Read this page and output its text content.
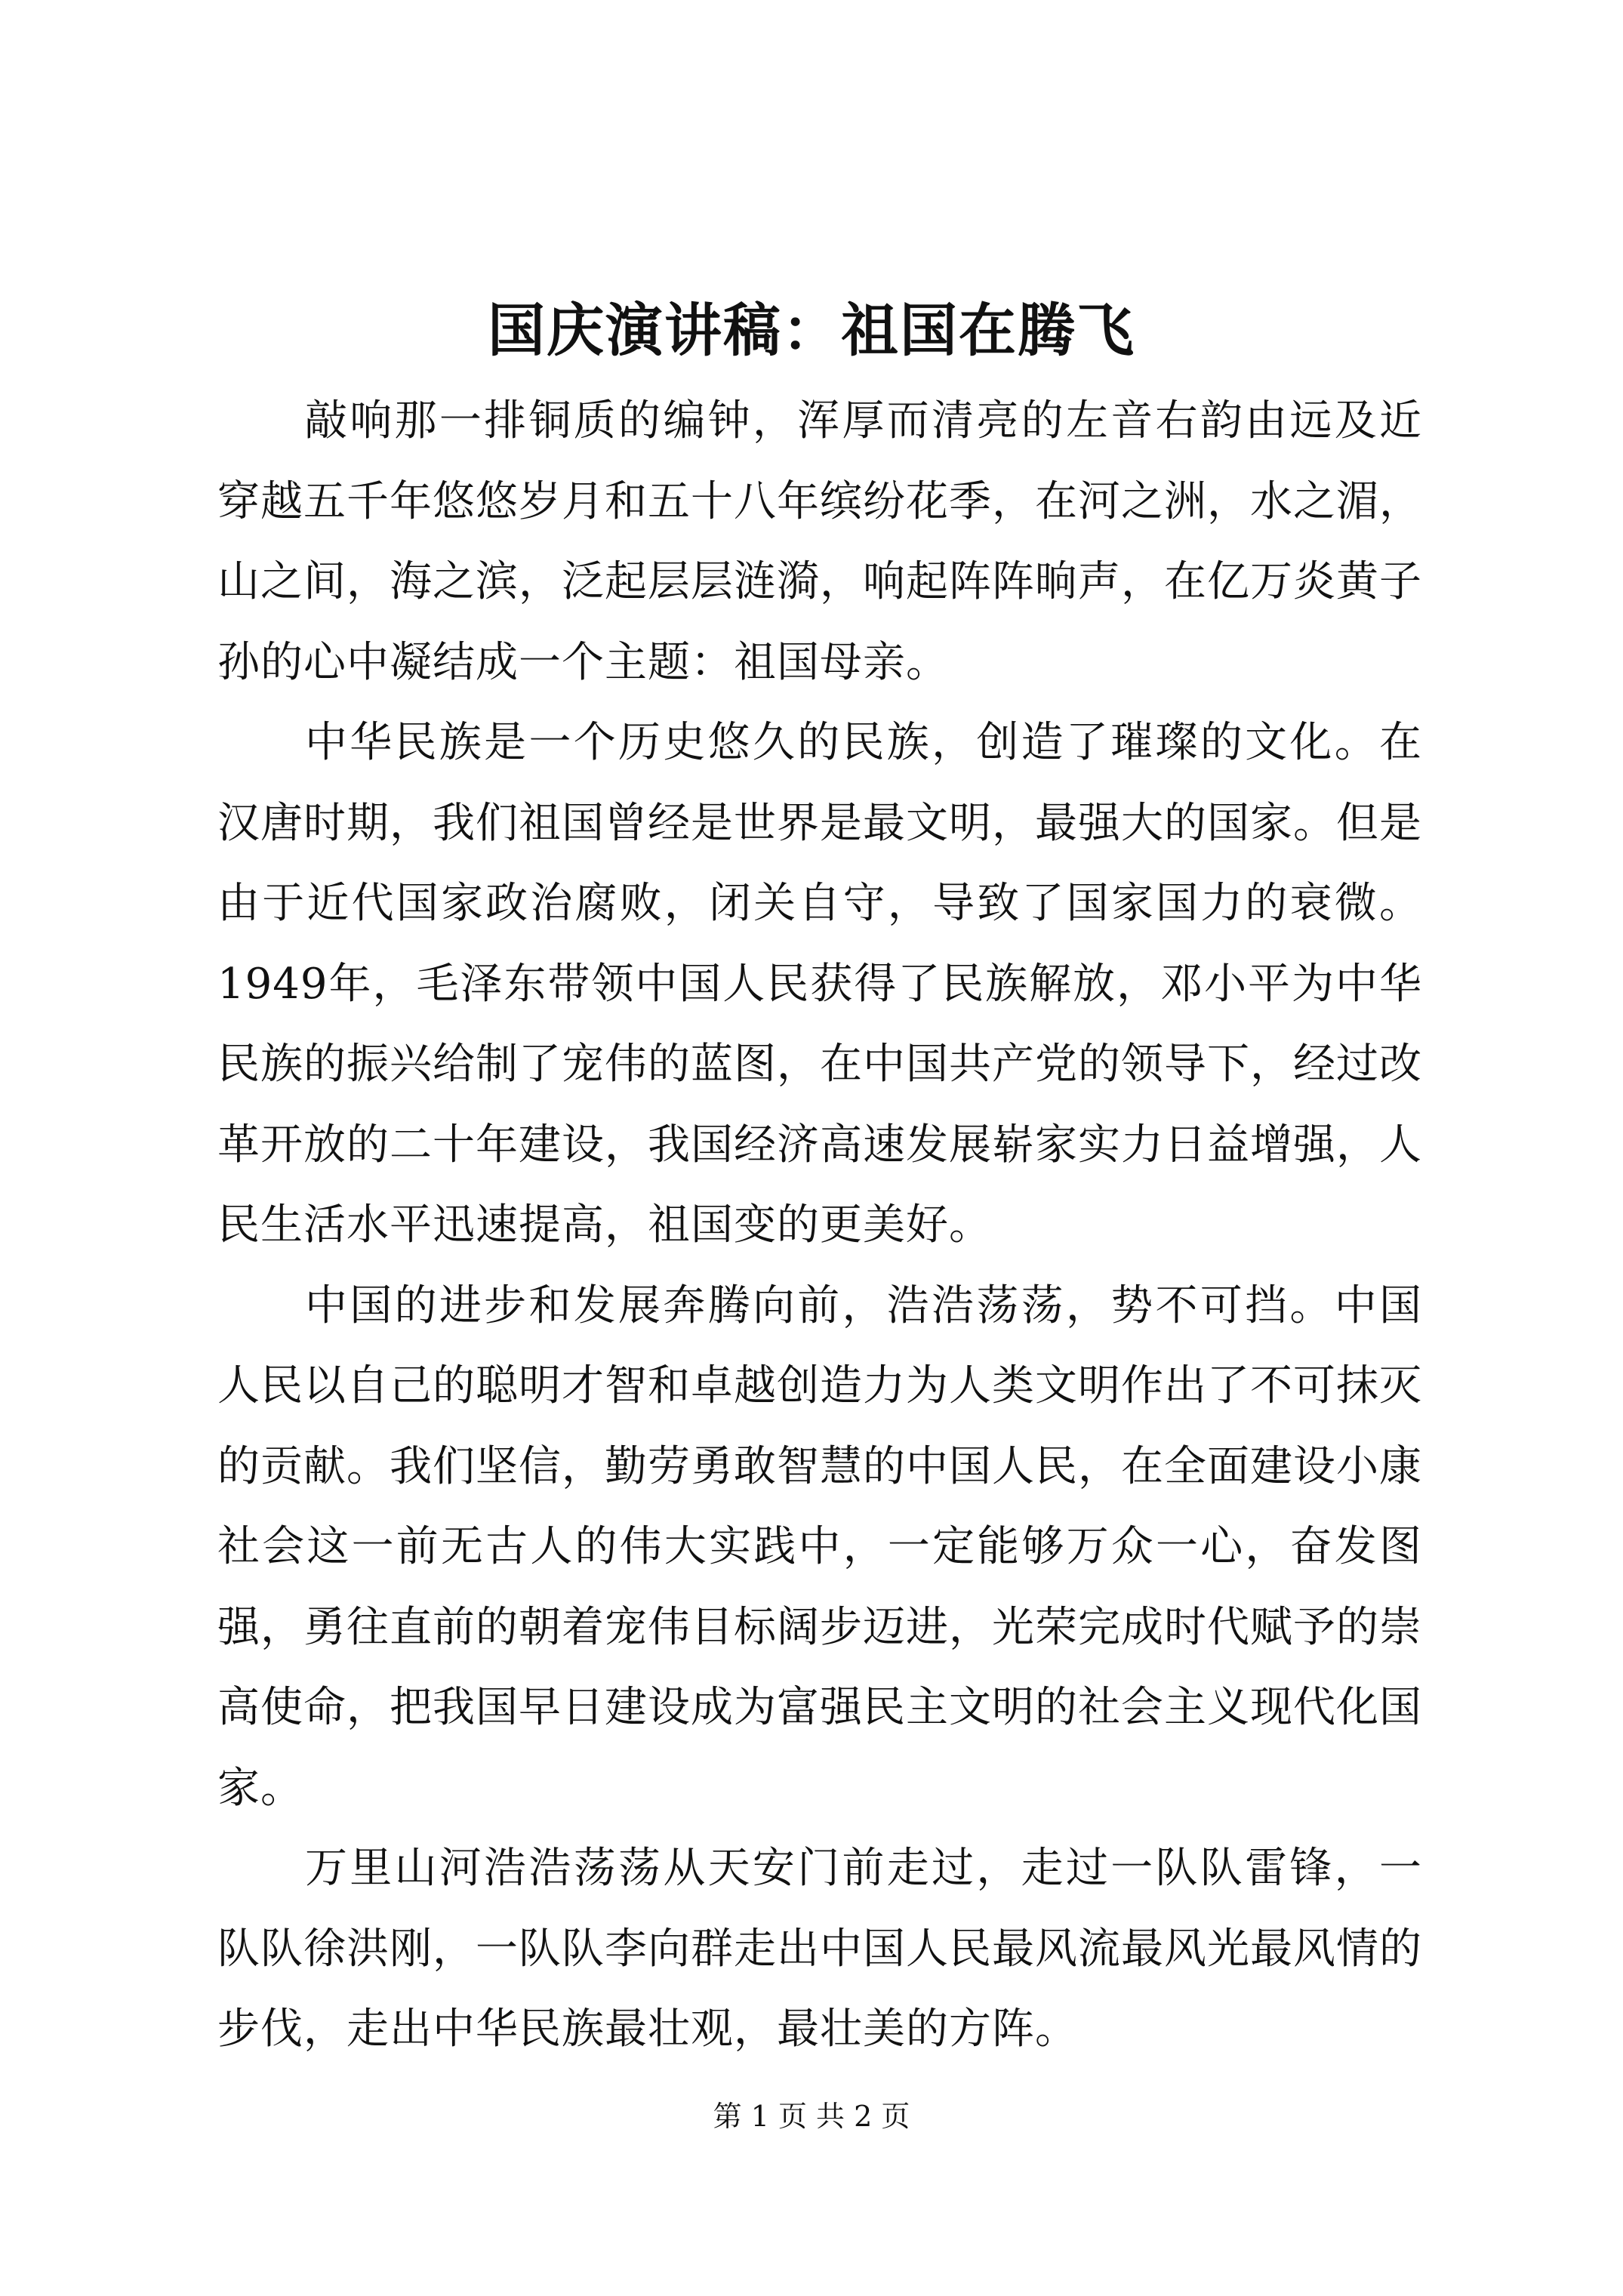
国庆演讲稿：祖国在腾飞

敲响那一排铜质的编钟，浑厚而清亮的左音右韵由远及近穿越五千年悠悠岁月和五十八年缤纷花季，在河之洲，水之湄，山之间，海之滨，泛起层层涟漪，响起阵阵晌声，在亿万炎黄子孙的心中凝结成一个主题：祖国母亲。

中华民族是一个历史悠久的民族，创造了璀璨的文化。在汉唐时期，我们祖国曾经是世界是最文明，最强大的国家。但是由于近代国家政治腐败，闭关自守，导致了国家国力的衰微。1949年，毛泽东带领中国人民获得了民族解放，邓小平为中华民族的振兴给制了宠伟的蓝图，在中国共产党的领导下，经过改革开放的二十年建设，我国经济高速发展崭家实力日益增强，人民生活水平迅速提高，祖国变的更美好。

中国的进步和发展奔腾向前，浩浩荡荡，势不可挡。中国人民以自己的聪明才智和卓越创造力为人类文明作出了不可抹灭的贡献。我们坚信，勤劳勇敢智慧的中国人民，在全面建设小康社会这一前无古人的伟大实践中，一定能够万众一心，奋发图强，勇往直前的朝着宠伟目标阔步迈进，光荣完成时代赋予的崇高使命，把我国早日建设成为富强民主文明的社会主义现代化国家。

万里山河浩浩荡荡从天安门前走过，走过一队队雷锋，一队队徐洪刚，一队队李向群走出中国人民最风流最风光最风情的步伐，走出中华民族最壮观，最壮美的方阵。

第 1 页 共 2 页
